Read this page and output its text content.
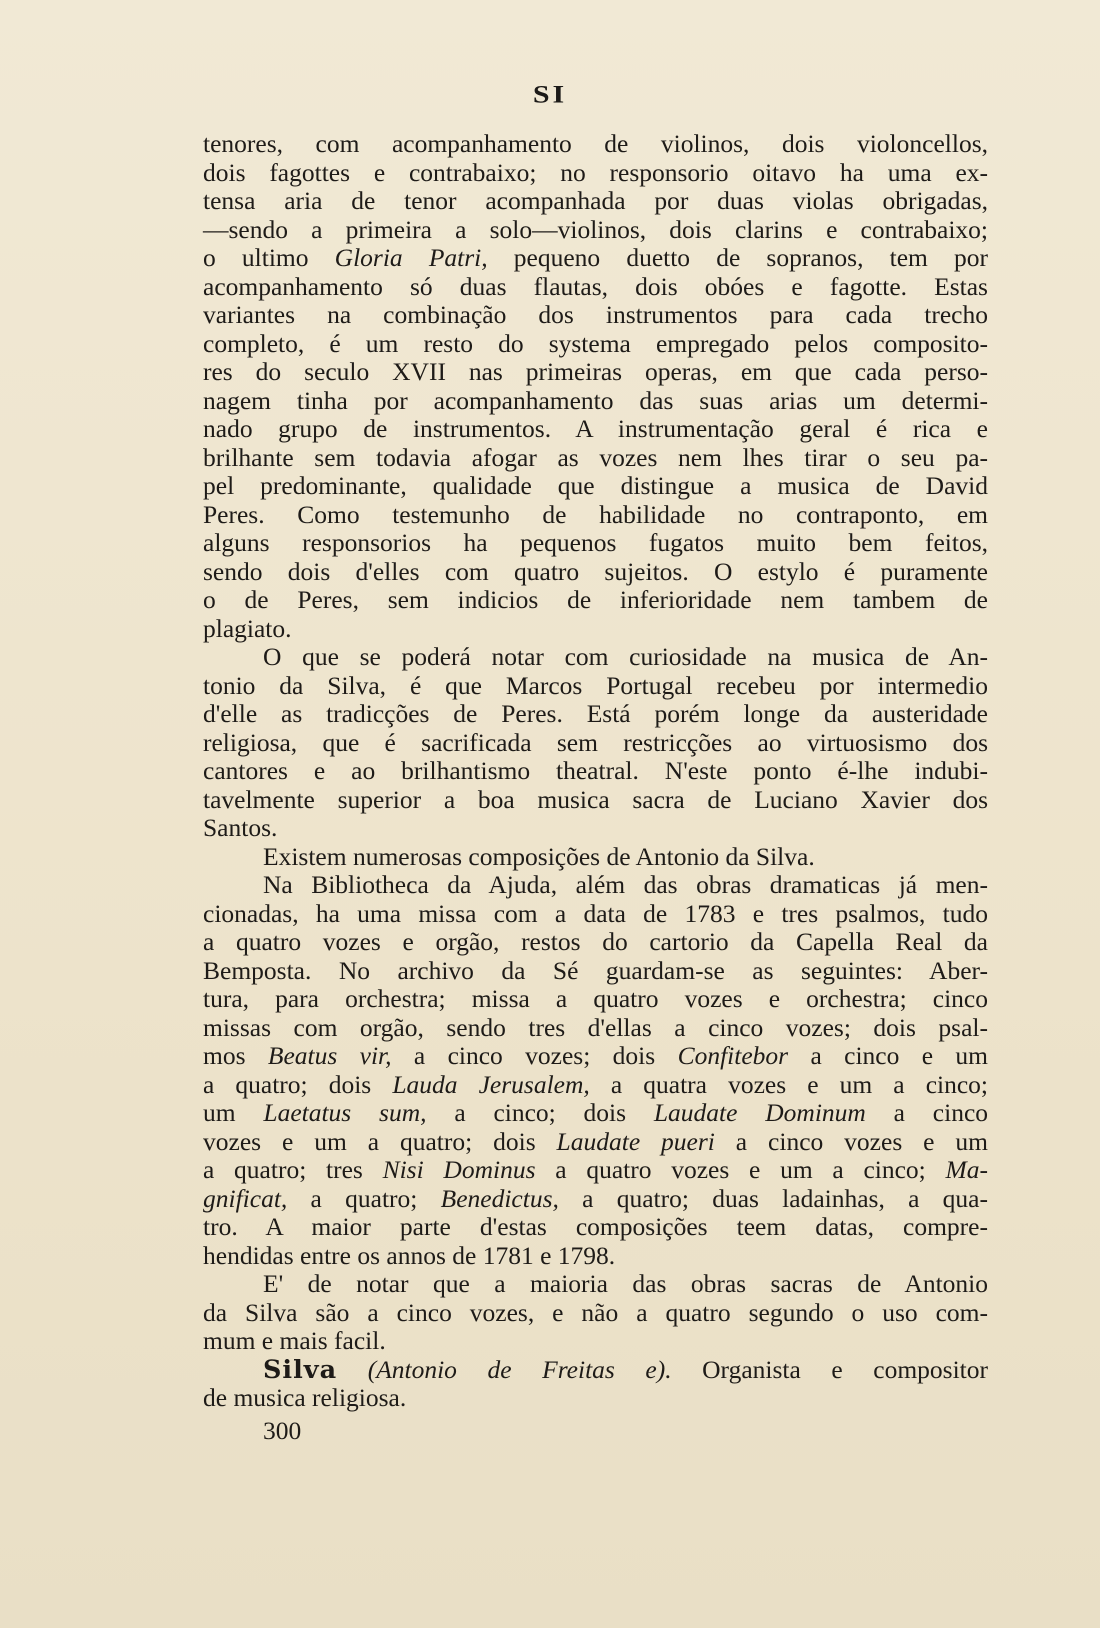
SI
tenores, com acompanhamento de violinos, dois violoncellos,
dois fagottes e contrabaixo; no responsorio oitavo ha uma ex-
tensa aria de tenor acompanhada por duas violas obrigadas,
—sendo a primeira a solo—violinos, dois clarins e contrabaixo;
o ultimo Gloria Patri, pequeno duetto de sopranos, tem por
acompanhamento só duas flautas, dois obóes e fagotte. Estas
variantes na combinação dos instrumentos para cada trecho
completo, é um resto do systema empregado pelos composito-
res do seculo XVII nas primeiras operas, em que cada perso-
nagem tinha por acompanhamento das suas arias um determi-
nado grupo de instrumentos. A instrumentação geral é rica e
brilhante sem todavia afogar as vozes nem lhes tirar o seu pa-
pel predominante, qualidade que distingue a musica de David
Peres. Como testemunho de habilidade no contraponto, em
alguns responsorios ha pequenos fugatos muito bem feitos,
sendo dois d'elles com quatro sujeitos. O estylo é puramente
o de Peres, sem indicios de inferioridade nem tambem de
plagiato.
O que se poderá notar com curiosidade na musica de An-
tonio da Silva, é que Marcos Portugal recebeu por intermedio
d'elle as tradicções de Peres. Está porém longe da austeridade
religiosa, que é sacrificada sem restricções ao virtuosismo dos
cantores e ao brilhantismo theatral. N'este ponto é-lhe indubi-
tavelmente superior a boa musica sacra de Luciano Xavier dos
Santos.
Existem numerosas composições de Antonio da Silva.
Na Bibliotheca da Ajuda, além das obras dramaticas já men-
cionadas, ha uma missa com a data de 1783 e tres psalmos, tudo
a quatro vozes e orgão, restos do cartorio da Capella Real da
Bemposta. No archivo da Sé guardam-se as seguintes: Aber-
tura, para orchestra; missa a quatro vozes e orchestra; cinco
missas com orgão, sendo tres d'ellas a cinco vozes; dois psal-
mos Beatus vir, a cinco vozes; dois Confitebor a cinco e um
a quatro; dois Lauda Jerusalem, a quatra vozes e um a cinco;
um Laetatus sum, a cinco; dois Laudate Dominum a cinco
vozes e um a quatro; dois Laudate pueri a cinco vozes e um
a quatro; tres Nisi Dominus a quatro vozes e um a cinco; Ma-
gnificat, a quatro; Benedictus, a quatro; duas ladainhas, a qua-
tro. A maior parte d'estas composições teem datas, compre-
hendidas entre os annos de 1781 e 1798.
E' de notar que a maioria das obras sacras de Antonio
da Silva são a cinco vozes, e não a quatro segundo o uso com-
mum e mais facil.
Silva (Antonio de Freitas e). Organista e compositor
de musica religiosa.
300
